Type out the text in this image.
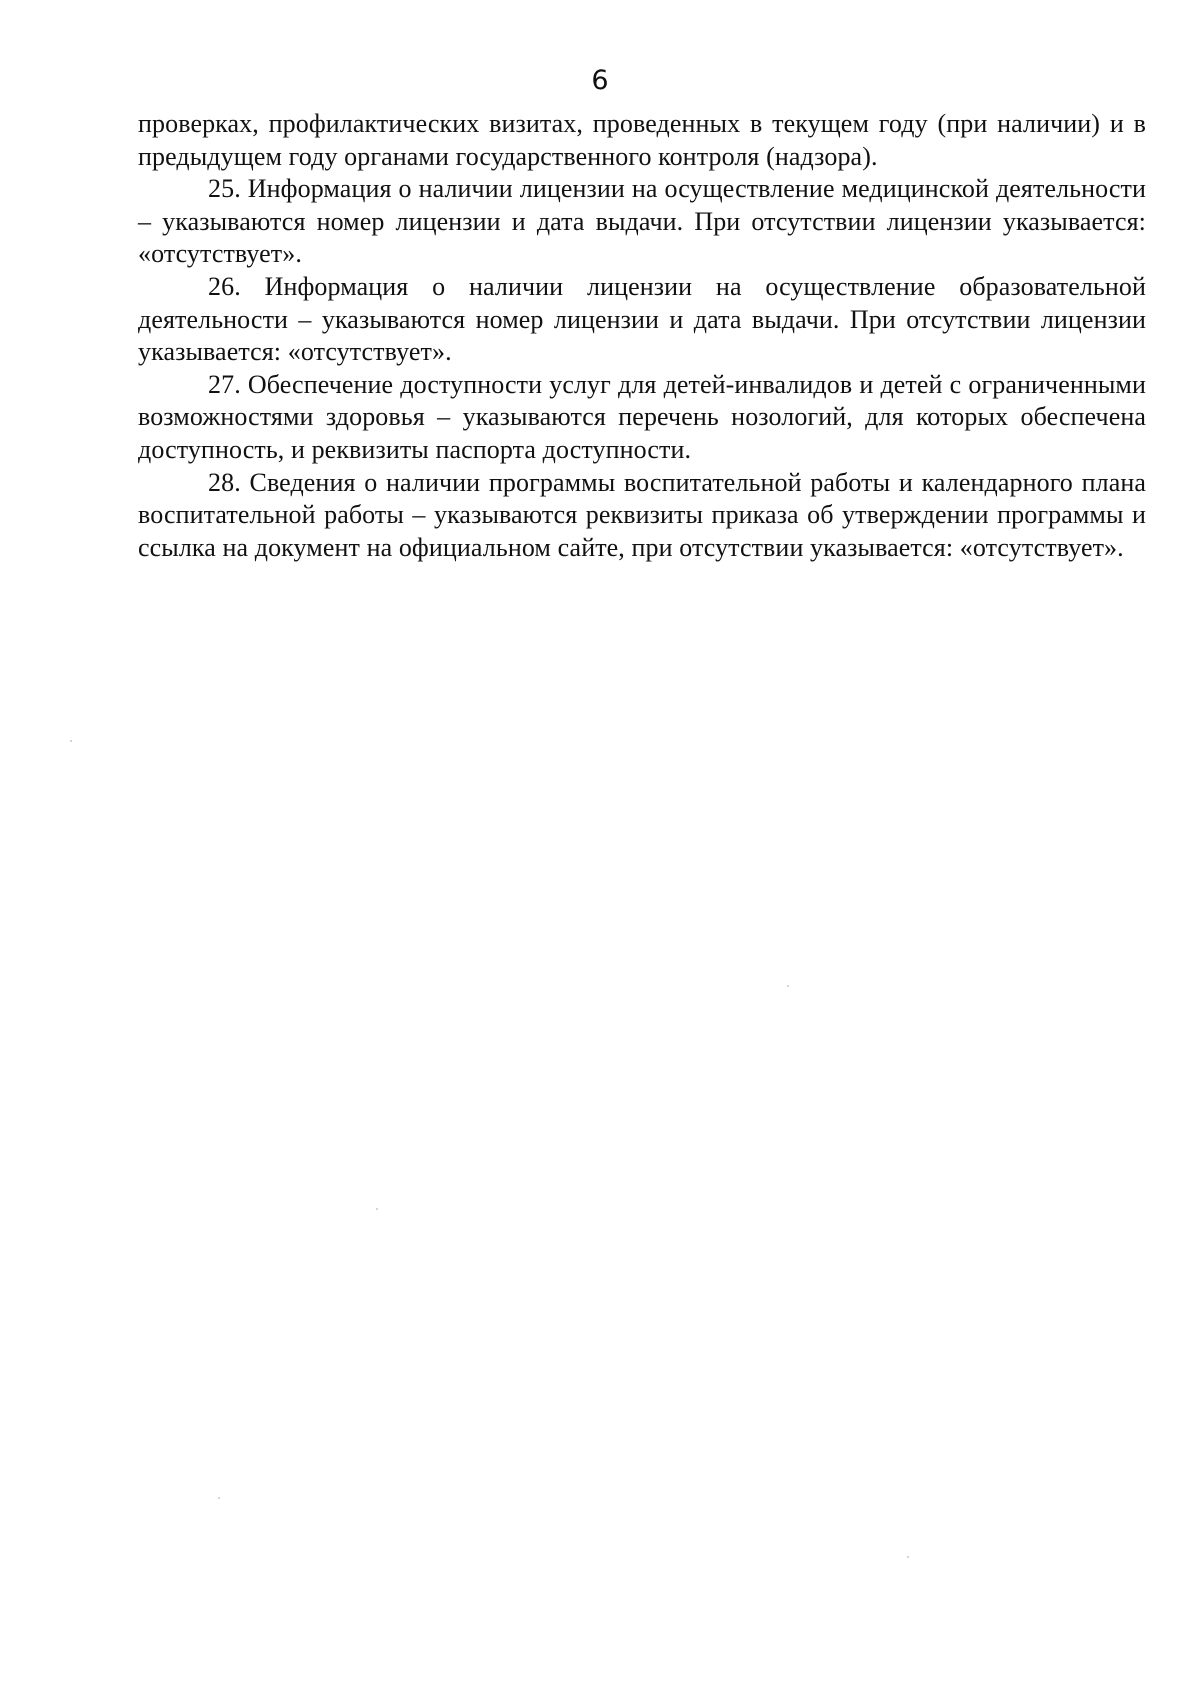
6

проверках, профилактических визитах, проведенных в текущем году (при наличии) и в предыдущем году органами государственного контроля (надзора).

25. Информация о наличии лицензии на осуществление медицинской деятельности – указываются номер лицензии и дата выдачи. При отсутствии лицензии указывается: «отсутствует».

26. Информация о наличии лицензии на осуществление образовательной деятельности – указываются номер лицензии и дата выдачи. При отсутствии лицензии указывается: «отсутствует».

27. Обеспечение доступности услуг для детей-инвалидов и детей с ограниченными возможностями здоровья – указываются перечень нозологий, для которых обеспечена доступность, и реквизиты паспорта доступности.

28. Сведения о наличии программы воспитательной работы и календарного плана воспитательной работы – указываются реквизиты приказа об утверждении программы и ссылка на документ на официальном сайте, при отсутствии указывается: «отсутствует».
